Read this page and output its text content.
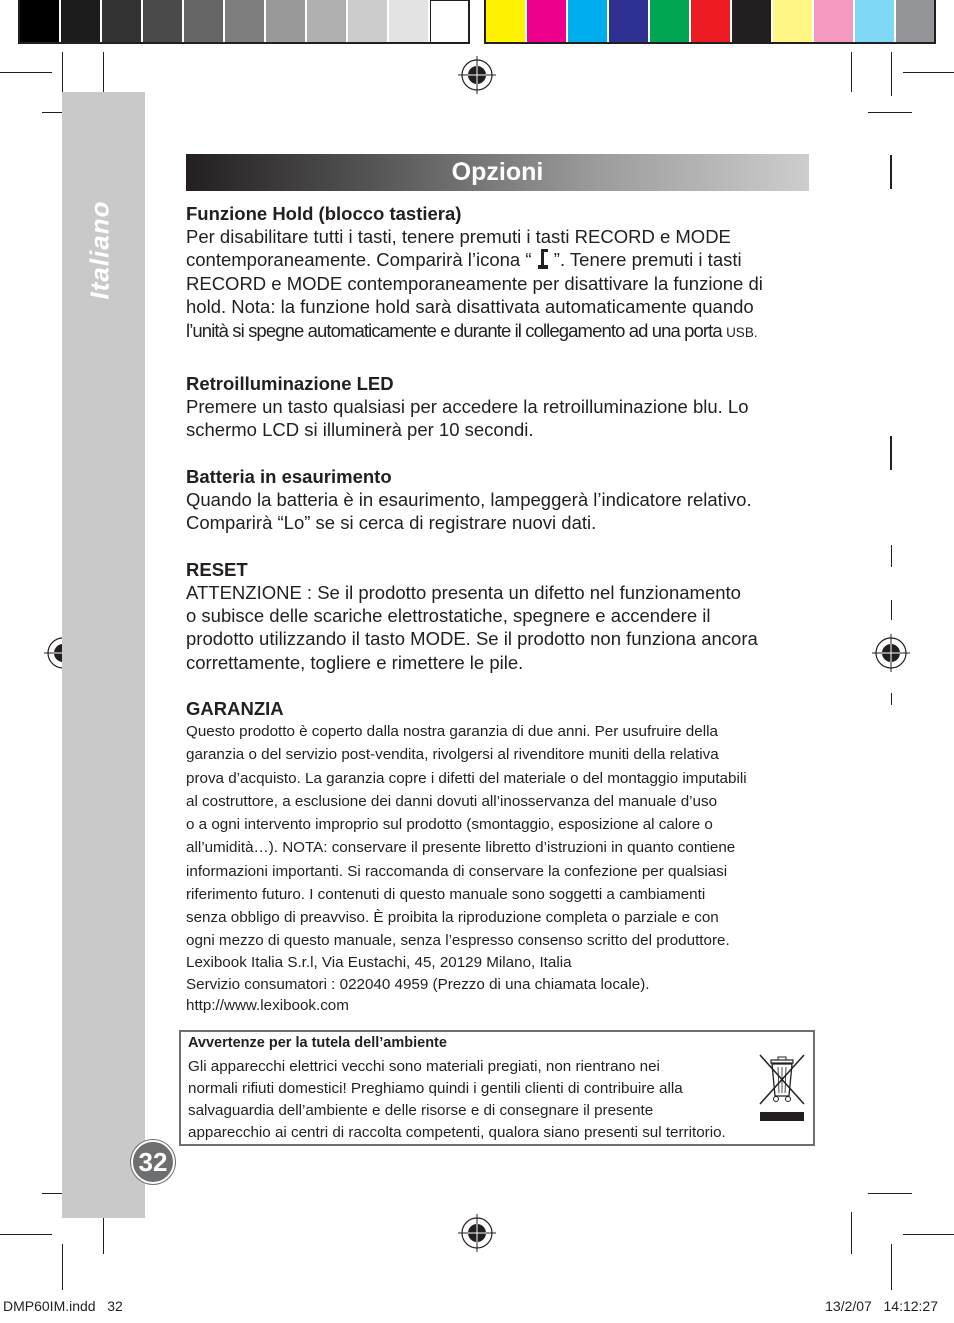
Italiano
Opzioni

Funzione Hold (blocco tastiera)

Per disabilitare tutti i tasti, tenere premuti i tasti RECORD e MODE

contemporaneamente. Comparirà l’icona “  ”. Tenere premuti i tasti

RECORD e MODE contemporaneamente per disattivare la funzione di

hold. Nota: la funzione hold sarà disattivata automaticamente quando

l’unità si spegne automaticamente e durante il collegamento ad una porta USB.

Retroilluminazione LED

Premere un tasto qualsiasi per accedere la retroilluminazione blu. Lo

schermo LCD si illuminerà per 10 secondi.

Batteria in esaurimento

Quando la batteria è in esaurimento, lampeggerà l’indicatore relativo.

Comparirà “Lo” se si cerca di registrare nuovi dati.

RESET

ATTENZIONE : Se il prodotto presenta un difetto nel funzionamento

o subisce delle scariche elettrostatiche, spegnere e accendere il

prodotto utilizzando il tasto MODE. Se il prodotto non funziona ancora

correttamente, togliere e rimettere le pile.

GARANZIA

Questo prodotto è coperto dalla nostra garanzia di due anni. Per usufruire della

garanzia o del servizio post-vendita, rivolgersi al rivenditore muniti della relativa

prova d’acquisto. La garanzia copre i difetti del materiale o del montaggio imputabili

al costruttore, a esclusione dei danni dovuti all’inosservanza del manuale d’uso

o a ogni intervento improprio sul prodotto (smontaggio, esposizione al calore o

all’umidità…). NOTA: conservare il presente libretto d’istruzioni in quanto contiene

informazioni importanti. Si raccomanda di conservare la confezione per qualsiasi

riferimento futuro. I contenuti di questo manuale sono soggetti a cambiamenti

senza obbligo di preavviso. È proibita la riproduzione completa o parziale e con

ogni mezzo di questo manuale, senza l’espresso consenso scritto del produttore.

Lexibook Italia S.r.l, Via Eustachi, 45, 20129 Milano, Italia

Servizio consumatori : 022040 4959 (Prezzo di una chiamata locale).

http://www.lexibook.com

Avvertenze per la tutela dell’ambiente
Gli apparecchi elettrici vecchi sono materiali pregiati, non rientrano nei
normali rifiuti domestici! Preghiamo quindi i gentili clienti di contribuire alla
salvaguardia dell’ambiente e delle risorse e di consegnare il presente
apparecchio ai centri di raccolta competenti, qualora siano presenti sul territorio.
32
DMP60IM.indd   32	13/2/07   14:12:27
